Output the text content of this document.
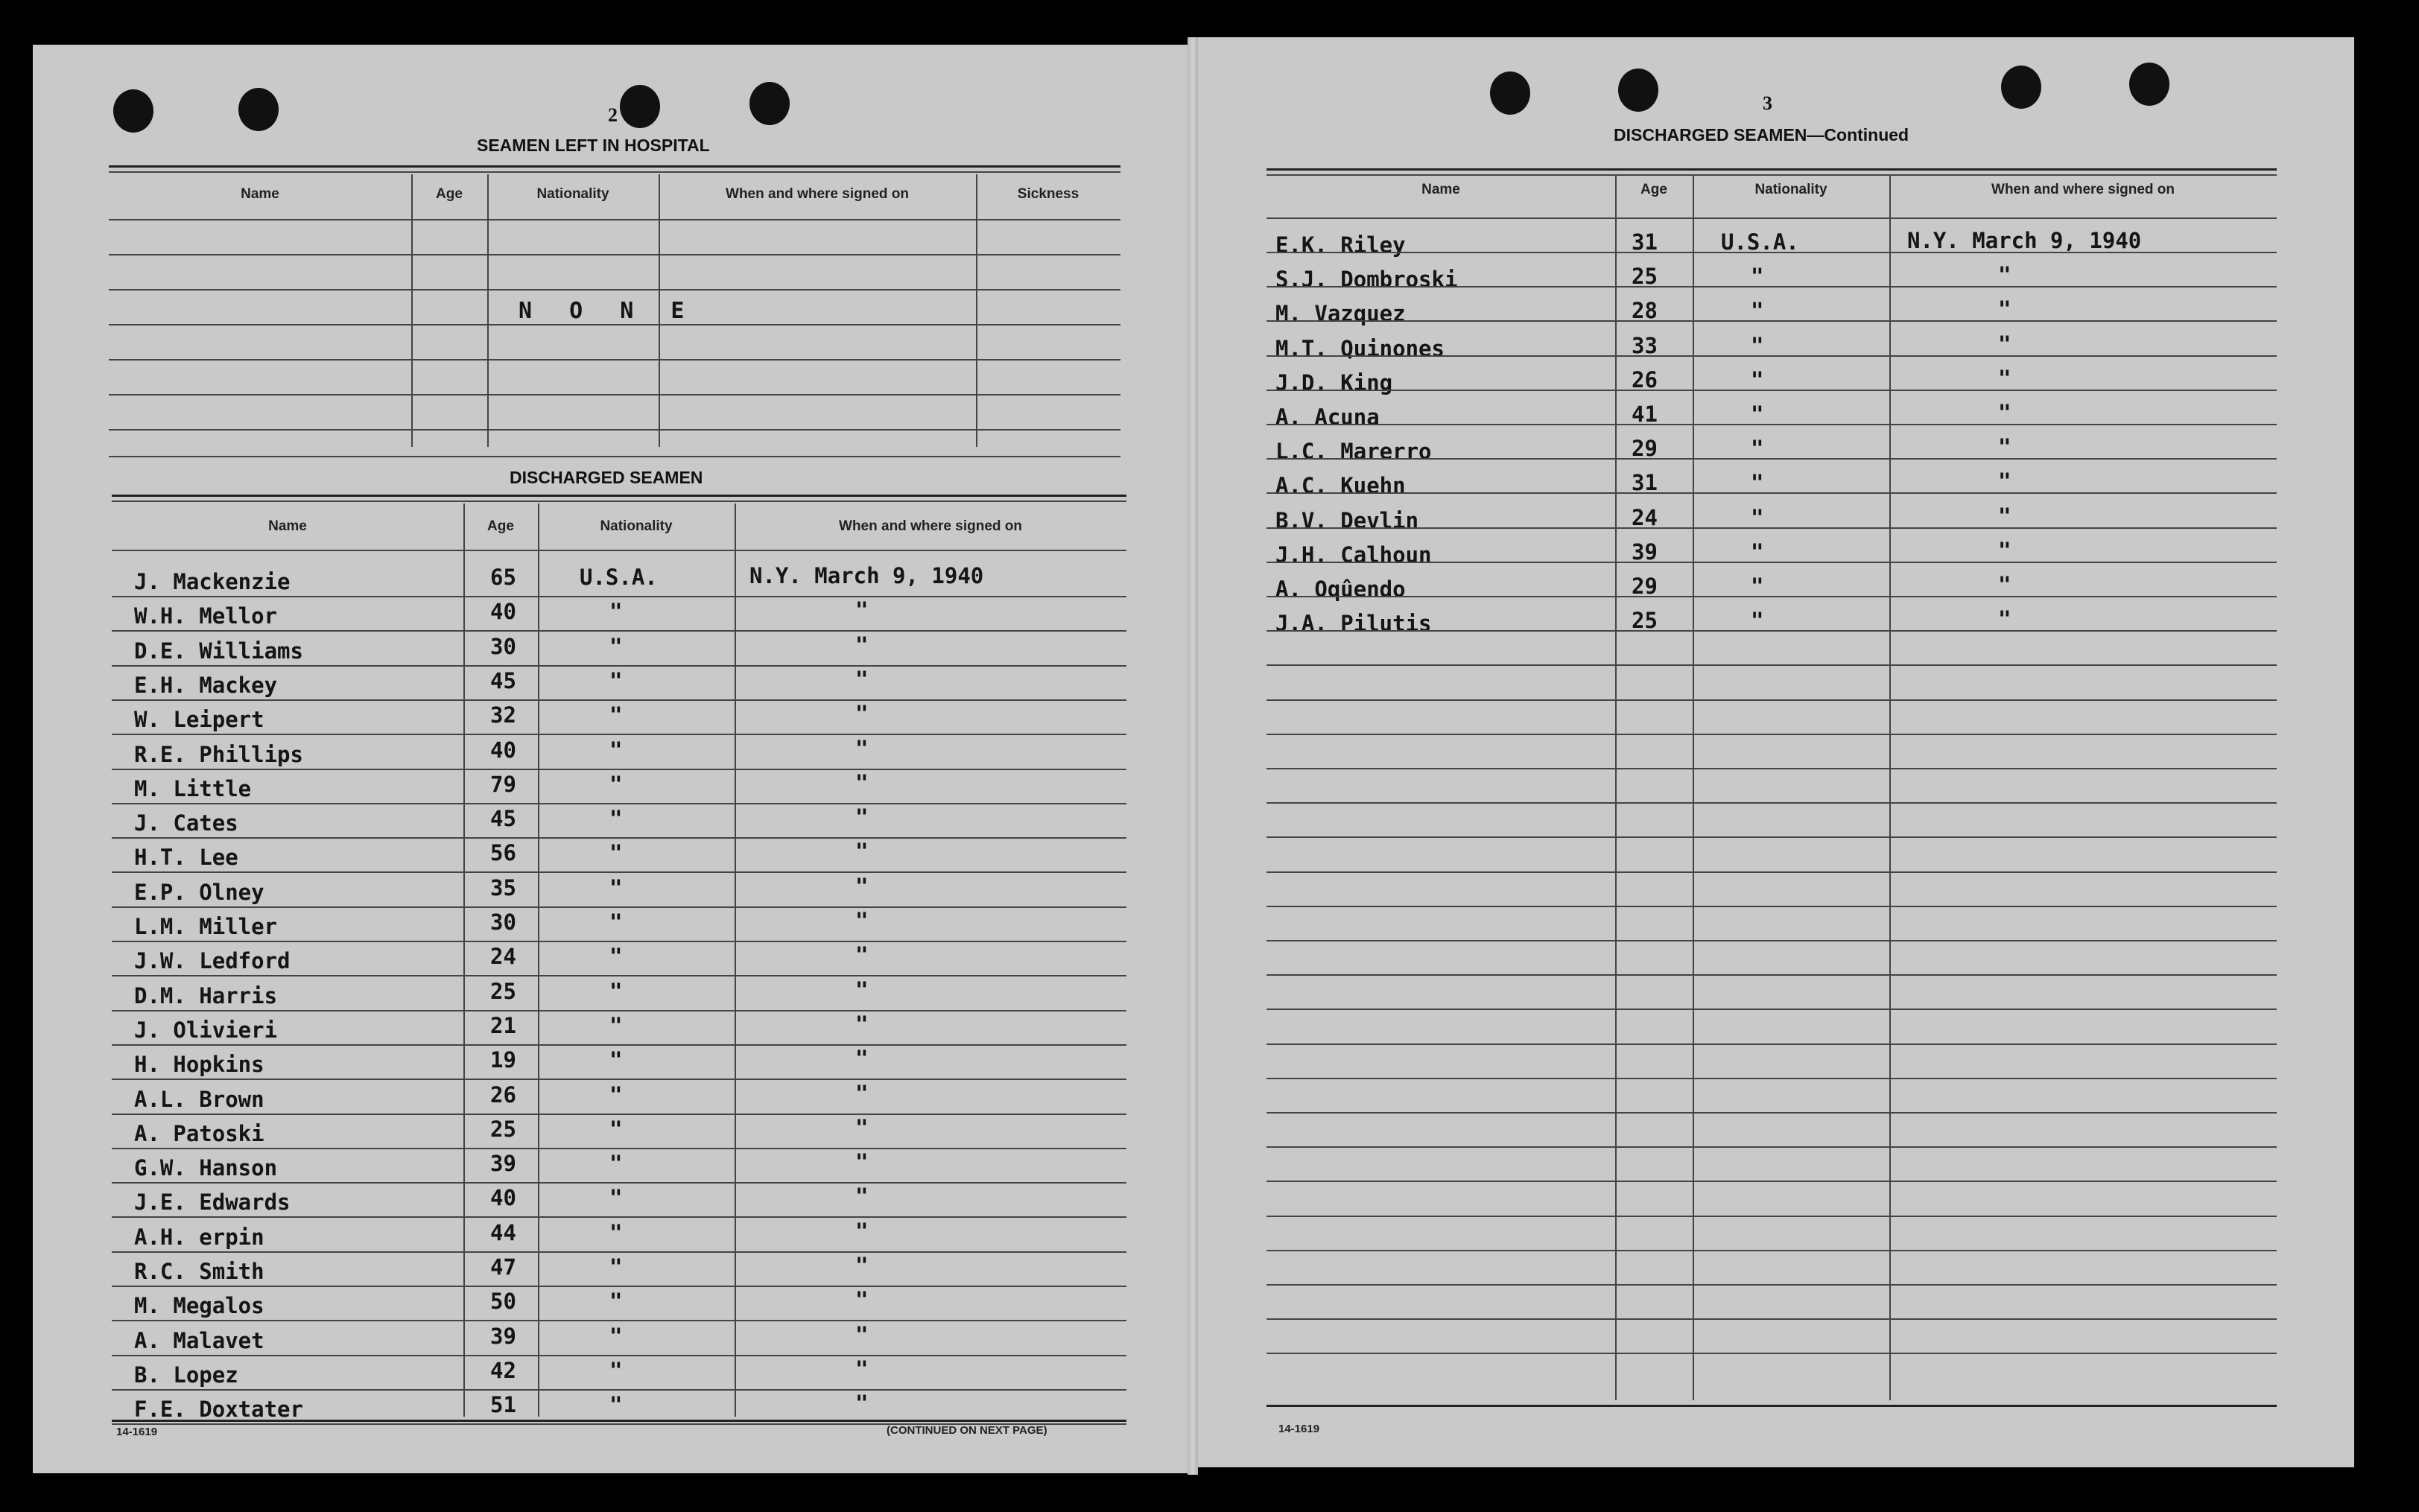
2
SEAMEN LEFT IN HOSPITAL
N O N E
DISCHARGED SEAMEN
14-1619	(CONTINUED ON NEXT PAGE)
3
DISCHARGED SEAMEN—Continued
14-1619
Name	Age	Nationality	When and where signed on	Sickness
Name	Age	Nationality	When and where signed on
J. Mackenzie	65	U.S.A.	N.Y. March 9, 1940
W.H. Mellor	40	"	"
D.E. Williams	30	"	"
E.H. Mackey	45	"	"
W. Leipert	32	"	"
R.E. Phillips	40	"	"
M. Little	79	"	"
J. Cates	45	"	"
H.T. Lee	56	"	"
E.P. Olney	35	"	"
L.M. Miller	30	"	"
J.W. Ledford	24	"	"
D.M. Harris	25	"	"
J. Olivieri	21	"	"
H. Hopkins	19	"	"
A.L. Brown	26	"	"
A. Patoski	25	"	"
G.W. Hanson	39	"	"
J.E. Edwards	40	"	"
A.H. erpin	44	"	"
R.C. Smith	47	"	"
M. Megalos	50	"	"
A. Malavet	39	"	"
B. Lopez	42	"	"
F.E. Doxtater	51	"	"
Name	Age	Nationality	When and where signed on
E.K. Riley	31	U.S.A.	N.Y. March 9, 1940
S.J. Dombroski	25	"	"
M. Vazquez	28	"	"
M.T. Quinones	33	"	"
J.D. King	26	"	"
A. Acuna	41	"	"
L.C. Marerro	29	"	"
A.C. Kuehn	31	"	"
B.V. Devlin	24	"	"
J.H. Calhoun	39	"	"
A. Oqûendo	29	"	"
J.A. Pilutis	25	"	"
